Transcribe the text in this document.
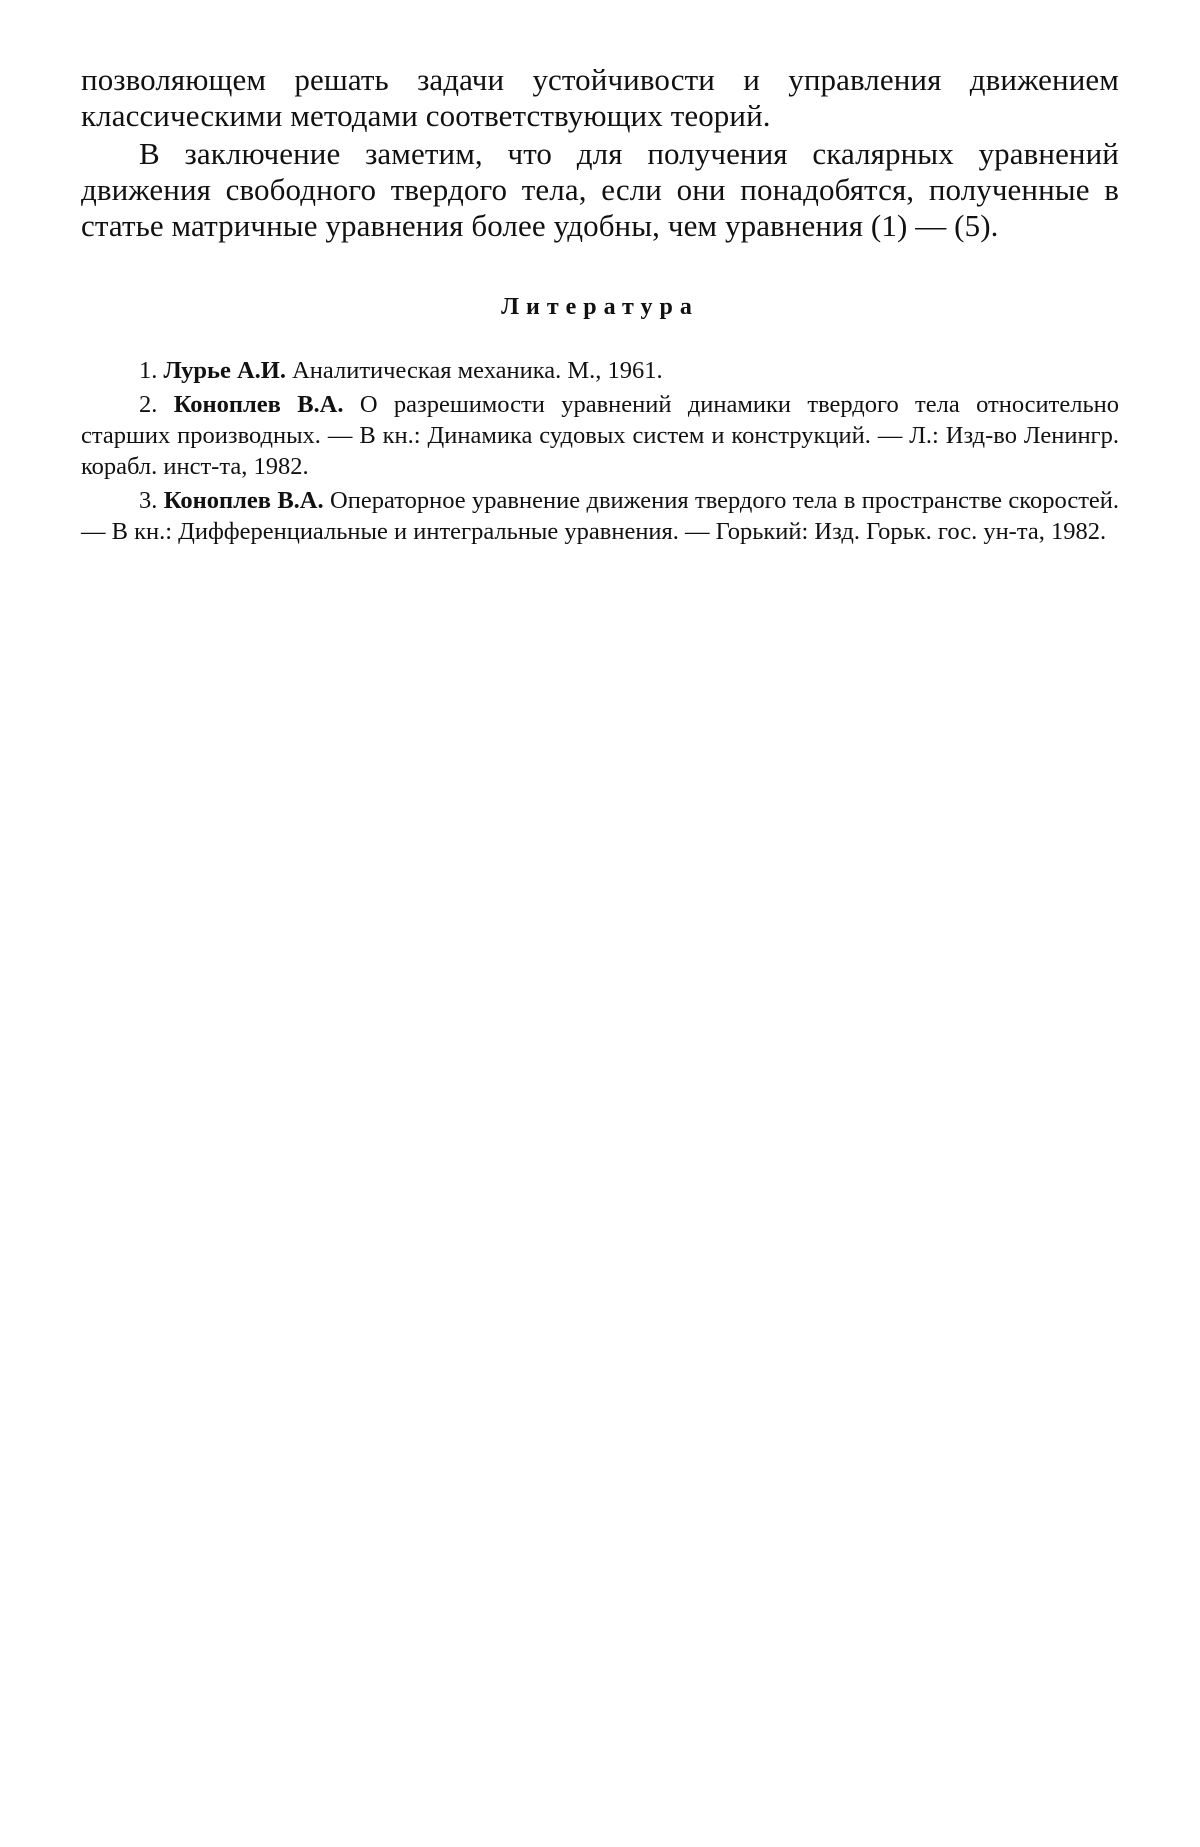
позволяющем решать задачи устойчивости и управления движением классическими методами соответствующих теорий.

В заключение заметим, что для получения скалярных уравнений движения свободного твердого тела, если они понадобятся, полученные в статье матричные уравнения более удобны, чем уравнения (1) — (5).

Литература

1. Лурье А.И. Аналитическая механика. М., 1961.

2. Коноплев В.А. О разрешимости уравнений динамики твердого тела относительно старших производных. — В кн.: Динамика судовых систем и конструкций. — Л.: Изд-во Ленингр. корабл. инст-та, 1982.

3. Коноплев В.А. Операторное уравнение движения твердого тела в пространстве скоростей. — В кн.: Дифференциальные и интегральные уравнения. — Горький: Изд. Горьк. гос. ун-та, 1982.
